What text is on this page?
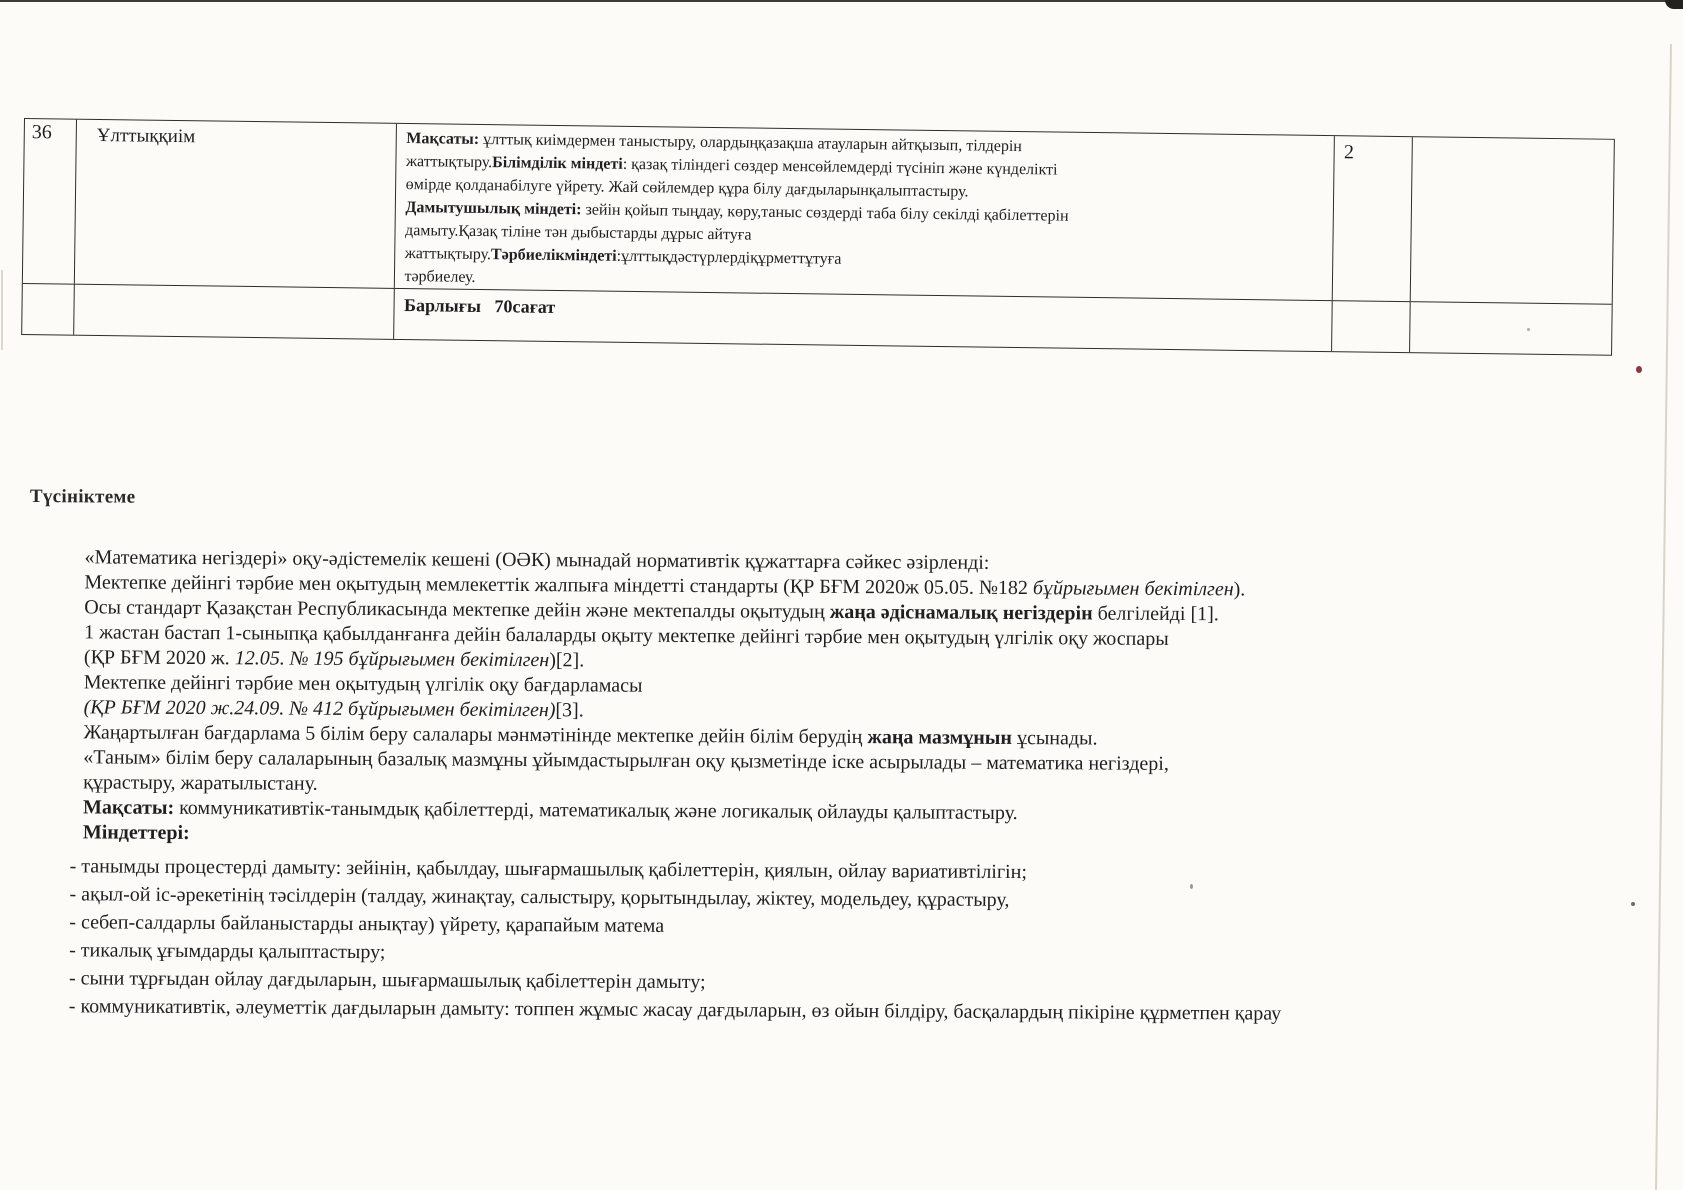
36	Ұлттыққиім	Мақсаты: ұлттық киімдермен таныстыру, олардыңқазақша атауларын айтқызып, тілдерін
жаттықтыру.Білімділік міндеті: қазақ тіліндегі сөздер менсөйлемдерді түсініп және күнделікті
өмірде қолданабілуге үйрету. Жай сөйлемдер құра білу дағдыларынқалыптастыру.
Дамытушылық міндеті: зейін қойып тыңдау, көру,таныс сөздерді таба білу секілді қабілеттерін
дамыту.Қазақ тіліне тән дыбыстарды дұрыс айтуға
жаттықтыру.Тәрбиелікміндеті:ұлттықдәстүрлердіқұрметтұтуға
тәрбиелеу.
2
Барлығы   70сағат
Түсініктеме
«Математика негіздері» оқу-әдістемелік кешені (ОӘК) мынадай нормативтік құжаттарға сәйкес әзірленді:
Мектепке дейінгі тәрбие мен оқытудың мемлекеттік жалпыға міндетті стандарты (ҚР БҒМ 2020ж 05.05. №182 бұйрығымен бекітілген).
Осы стандарт Қазақстан Республикасында мектепке дейін және мектепалды оқытудың жаңа әдіснамалық негіздерін белгілейді [1].
1 жастан бастап 1-сыныпқа қабылданғанға дейін балаларды оқыту мектепке дейінгі тәрбие мен оқытудың үлгілік оқу жоспары
(ҚР БҒМ 2020 ж. 12.05. № 195 бұйрығымен бекітілген)[2].
Мектепке дейінгі тәрбие мен оқытудың үлгілік оқу бағдарламасы
(ҚР БҒМ 2020 ж.24.09. № 412 бұйрығымен бекітілген)[3].
Жаңартылған бағдарлама 5 білім беру салалары мәнмәтінінде мектепке дейін білім берудің жаңа мазмұнын ұсынады.
«Таным» білім беру салаларының базалық мазмұны ұйымдастырылған оқу қызметінде іске асырылады – математика негіздері,
құрастыру, жаратылыстану.
Мақсаты: коммуникативтік-танымдық қабілеттерді, математикалық және логикалық ойлауды қалыптастыру.
Міндеттері:
- танымды процестерді дамыту: зейінін, қабылдау, шығармашылық қабілеттерін, қиялын, ойлау вариативтілігін;
- ақыл-ой іс-әрекетінің тәсілдерін (талдау, жинақтау, салыстыру, қорытындылау, жіктеу, модельдеу, құрастыру,
- себеп-салдарлы байланыстарды анықтау) үйрету, қарапайым матема
- тикалық ұғымдарды қалыптастыру;
- сыни тұрғыдан ойлау дағдыларын, шығармашылық қабілеттерін дамыту;
- коммуникативтік, әлеуметтік дағдыларын дамыту: топпен жұмыс жасау дағдыларын, өз ойын білдіру, басқалардың пікіріне құрметпен қарау
